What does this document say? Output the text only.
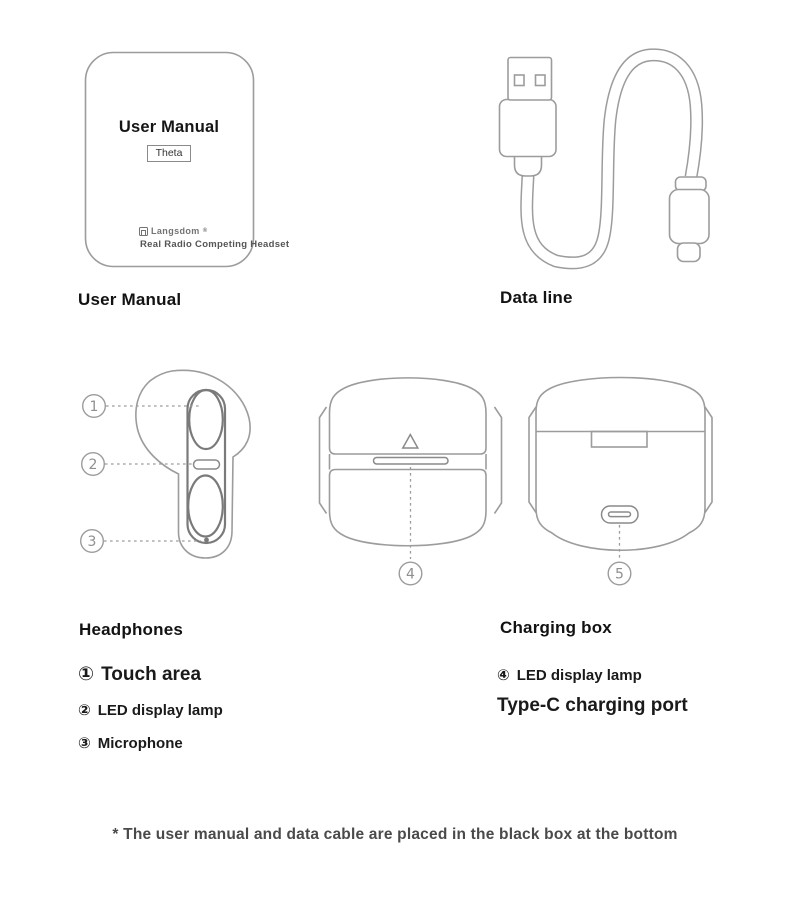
1
2
3
4	5
User Manual
Theta
Langsdom ®
Real Radio Competing Headset
User Manual	Data line
Headphones	Charging box
① Touch area
② LED display lamp
③ Microphone
④ LED display lamp
Type-C charging port
* The user manual and data cable are placed in the black box at the bottom
